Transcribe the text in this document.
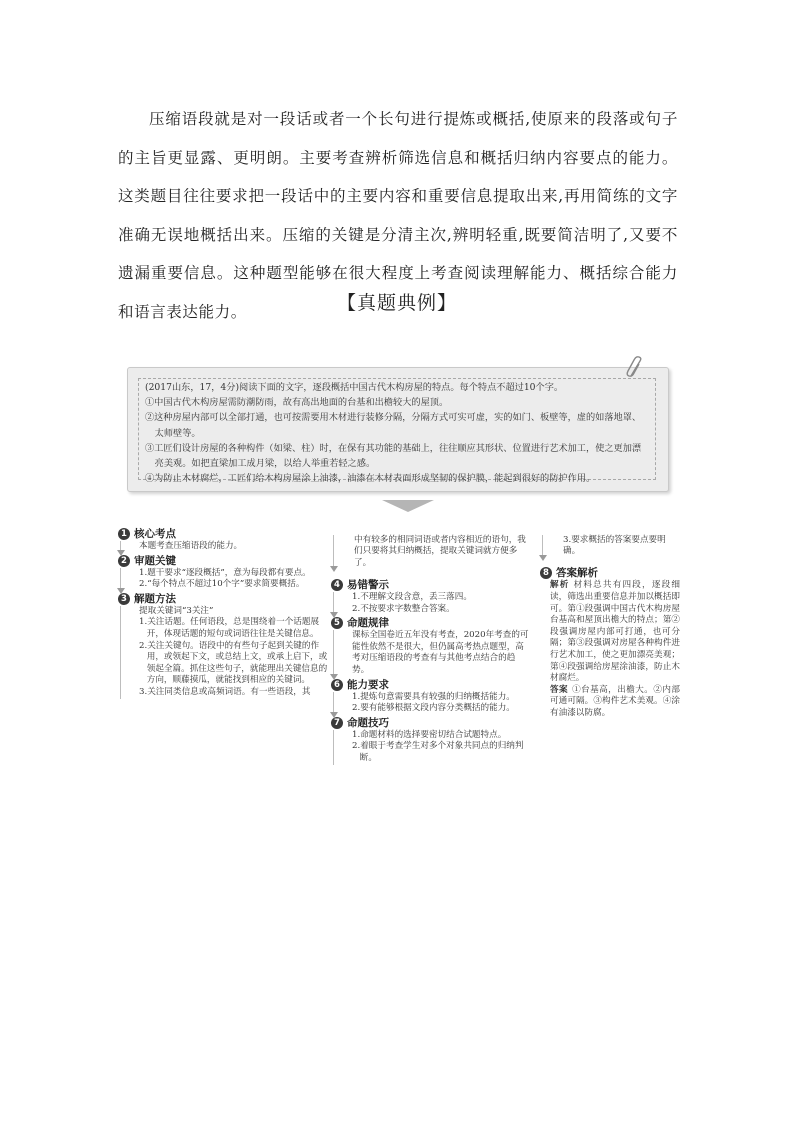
压缩语段就是对一段话或者一个长句进行提炼或概括,使原来的段落或句子的主旨更显露、更明朗。主要考查辨析筛选信息和概括归纳内容要点的能力。这类题目往往要求把一段话中的主要内容和重要信息提取出来,再用简练的文字准确无误地概括出来。压缩的关键是分清主次,辨明轻重,既要简洁明了,又要不遗漏重要信息。这种题型能够在很大程度上考查阅读理解能力、概括综合能力和语言表达能力。	【真题典例】

(2017山东，17，4分)阅读下面的文字，逐段概括中国古代木构房屋的特点。每个特点不超过10个字。

①中国古代木构房屋需防潮防雨，故有高出地面的台基和出檐较大的屋顶。

②这种房屋内部可以全部打通，也可按需要用木材进行装修分隔，分隔方式可实可虚，实的如门、板壁等，虚的如落地罩、太师壁等。

③工匠们设计房屋的各种构件（如梁、柱）时，在保有其功能的基础上，往往顺应其形状、位置进行艺术加工，使之更加漂亮美观。如把直梁加工成月梁，以给人举重若轻之感。

④为防止木材腐烂，工匠们给木构房屋涂上油漆，油漆在木材表面形成坚韧的保护膜，能起到很好的防护作用。

1 核心考点

本题考查压缩语段的能力。

2 审题关键

1.题干要求“逐段概括”，意为每段都有要点。

2.“每个特点不超过10个字”要求简要概括。

3 解题方法

提取关键词“3关注”

1.关注话题。任何语段，总是围绕着一个话题展开，体现话题的短句或词语往往是关键信息。

2.关注关键句。语段中的有些句子起到关键的作用，或领起下文，或总结上文，或承上启下，或领起全篇。抓住这些句子，就能理出关键信息的方向，顺藤摸瓜，就能找到相应的关键词。

3.关注同类信息或高频词语。有一些语段，其

中有较多的相同词语或者内容相近的语句，我们只要将其归纳概括，提取关键词就方便多了。

4 易错警示

1.不理解文段含意，丢三落四。

2.不按要求字数整合答案。

5 命题规律

课标全国卷近五年没有考查，2020年考查的可能性依然不是很大，但仍属高考热点题型，高考对压缩语段的考查有与其他考点结合的趋势。

6 能力要求

1.提炼句意需要具有较强的归纳概括能力。

2.要有能够根据文段内容分类概括的能力。

7 命题技巧

1.命题材料的选择要密切结合试题特点。

2.着眼于考查学生对多个对象共同点的归纳判断。

3.要求概括的答案要点要明确。

8 答案解析

解析 材料总共有四段，逐段细读，筛选出重要信息并加以概括即可。第①段强调中国古代木构房屋台基高和屋顶出檐大的特点；第②段强调房屋内部可打通，也可分隔；第③段强调对房屋各种构件进行艺术加工，使之更加漂亮美观；第④段强调给房屋涂油漆，防止木材腐烂。

答案 ①台基高，出檐大。②内部可通可隔。③构件艺术美观。④涂有油漆以防腐。
